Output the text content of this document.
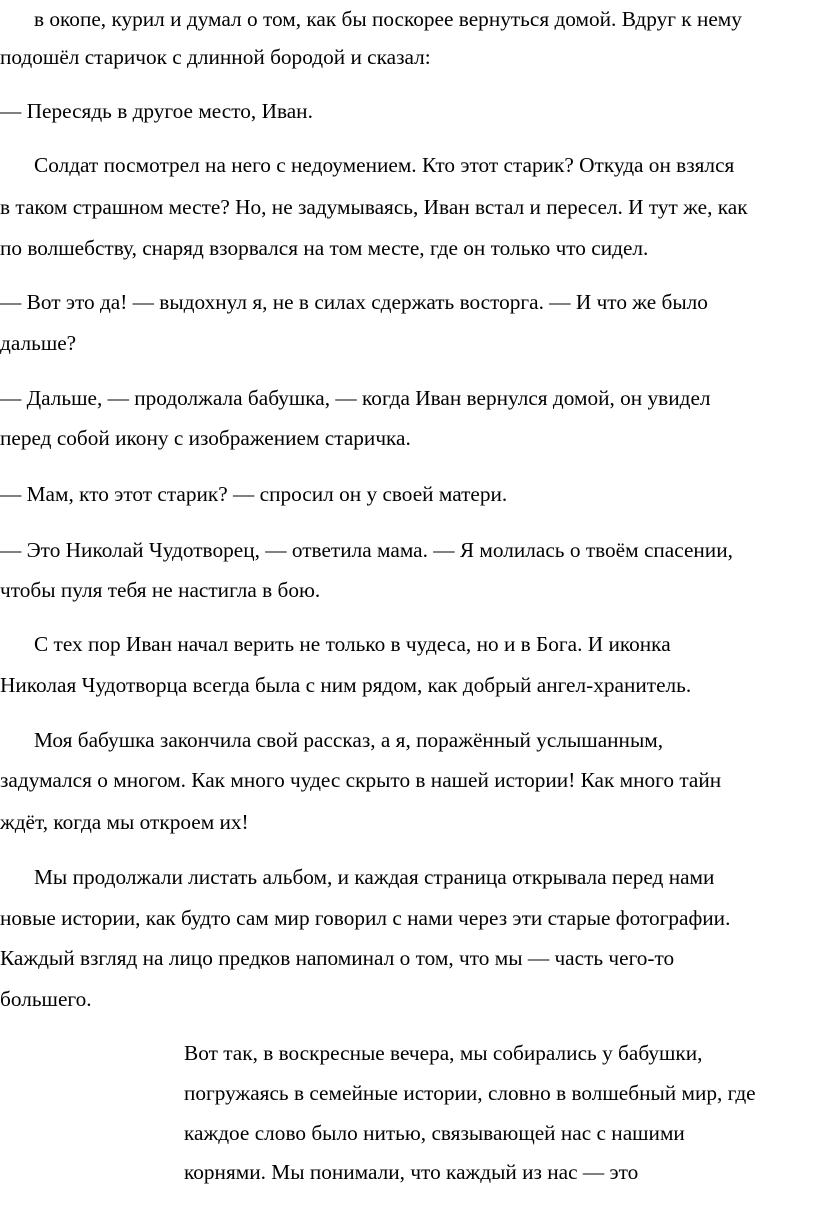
в окопе, курил и думал о том, как бы поскорее вернуться домой. Вдруг к нему
подошёл старичок с длинной бородой и сказал:
— Пересядь в другое место, Иван.
Солдат посмотрел на него с недоумением. Кто этот старик? Откуда он взялся
в таком страшном месте? Но, не задумываясь, Иван встал и пересел. И тут же, как
по волшебству, снаряд взорвался на том месте, где он только что сидел.
— Вот это да! — выдохнул я, не в силах сдержать восторга. — И что же было
дальше?
— Дальше, — продолжала бабушка, — когда Иван вернулся домой, он увидел
перед собой икону с изображением старичка.
— Мам, кто этот старик? — спросил он у своей матери.
— Это Николай Чудотворец, — ответила мама. — Я молилась о твоём спасении,
чтобы пуля тебя не настигла в бою.
С тех пор Иван начал верить не только в чудеса, но и в Бога. И иконка
Николая Чудотворца всегда была с ним рядом, как добрый ангел-хранитель.
Моя бабушка закончила свой рассказ, а я, поражённый услышанным,
задумался о многом. Как много чудес скрыто в нашей истории! Как много тайн
ждёт, когда мы откроем их!
Мы продолжали листать альбом, и каждая страница открывала перед нами
новые истории, как будто сам мир говорил с нами через эти старые фотографии.
Каждый взгляд на лицо предков напоминал о том, что мы — часть чего-то
большего.
Вот так, в воскресные вечера, мы собирались у бабушки,
погружаясь в семейные истории, словно в волшебный мир, где
каждое слово было нитью, связывающей нас с нашими
корнями. Мы понимали, что каждый из нас — это
